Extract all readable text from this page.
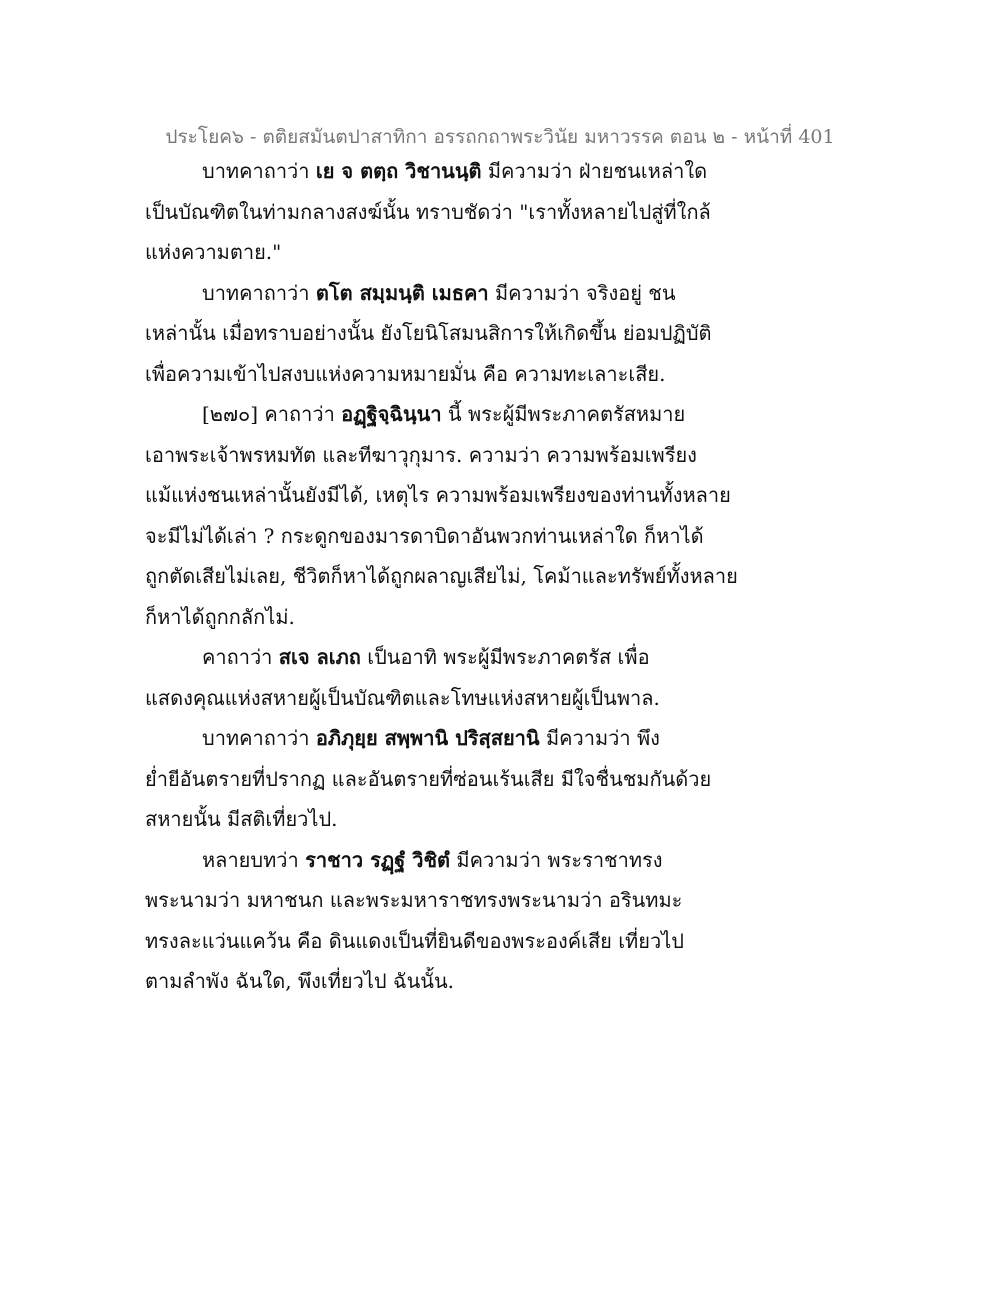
ประโยค๖ - ตติยสมันตปาสาทิกา อรรถกถาพระวินัย มหาวรรค ตอน ๒ - หน้าที่ 401
บาทคาถาว่า เย จ ตตฺถ วิชานนฺติ มีความว่า ฝ่ายชนเหล่าใด
เป็นบัณฑิตในท่ามกลางสงฆ์นั้น ทราบชัดว่า "เราทั้งหลายไปสู่ที่ใกล้
แห่งความตาย."
บาทคาถาว่า ตโต สมฺมนฺติ เมธคา มีความว่า จริงอยู่ ชน
เหล่านั้น เมื่อทราบอย่างนั้น ยังโยนิโสมนสิการให้เกิดขึ้น ย่อมปฏิบัติ
เพื่อความเข้าไปสงบแห่งความหมายมั่น คือ ความทะเลาะเสีย.
[๒๗๐] คาถาว่า อฏฺฐิจฺฉินฺนา นี้ พระผู้มีพระภาคตรัสหมาย
เอาพระเจ้าพรหมทัต และทีฆาวุกุมาร. ความว่า ความพร้อมเพรียง
แม้แห่งชนเหล่านั้นยังมีได้, เหตุไร ความพร้อมเพรียงของท่านทั้งหลาย
จะมีไม่ได้เล่า ? กระดูกของมารดาบิดาอันพวกท่านเหล่าใด ก็หาได้
ถูกตัดเสียไม่เลย, ชีวิตก็หาได้ถูกผลาญเสียไม่, โคม้าและทรัพย์ทั้งหลาย
ก็หาได้ถูกกลักไม่.
คาถาว่า สเจ ลเภถ เป็นอาทิ พระผู้มีพระภาคตรัส เพื่อ
แสดงคุณแห่งสหายผู้เป็นบัณฑิตและโทษแห่งสหายผู้เป็นพาล.
บาทคาถาว่า อภิภุยฺย สพฺพานิ ปริสฺสยานิ มีความว่า พึง
ย่ำยีอันตรายที่ปรากฏ และอันตรายที่ซ่อนเร้นเสีย มีใจชื่นชมกันด้วย
สหายนั้น มีสติเที่ยวไป.
หลายบทว่า ราชาว รฏฺฐํ วิชิตํ มีความว่า พระราชาทรง
พระนามว่า มหาชนก และพระมหาราชทรงพระนามว่า อรินทมะ
ทรงละแว่นแคว้น คือ ดินแดงเป็นที่ยินดีของพระองค์เสีย เที่ยวไป
ตามลำพัง ฉันใด, พึงเที่ยวไป ฉันนั้น.
